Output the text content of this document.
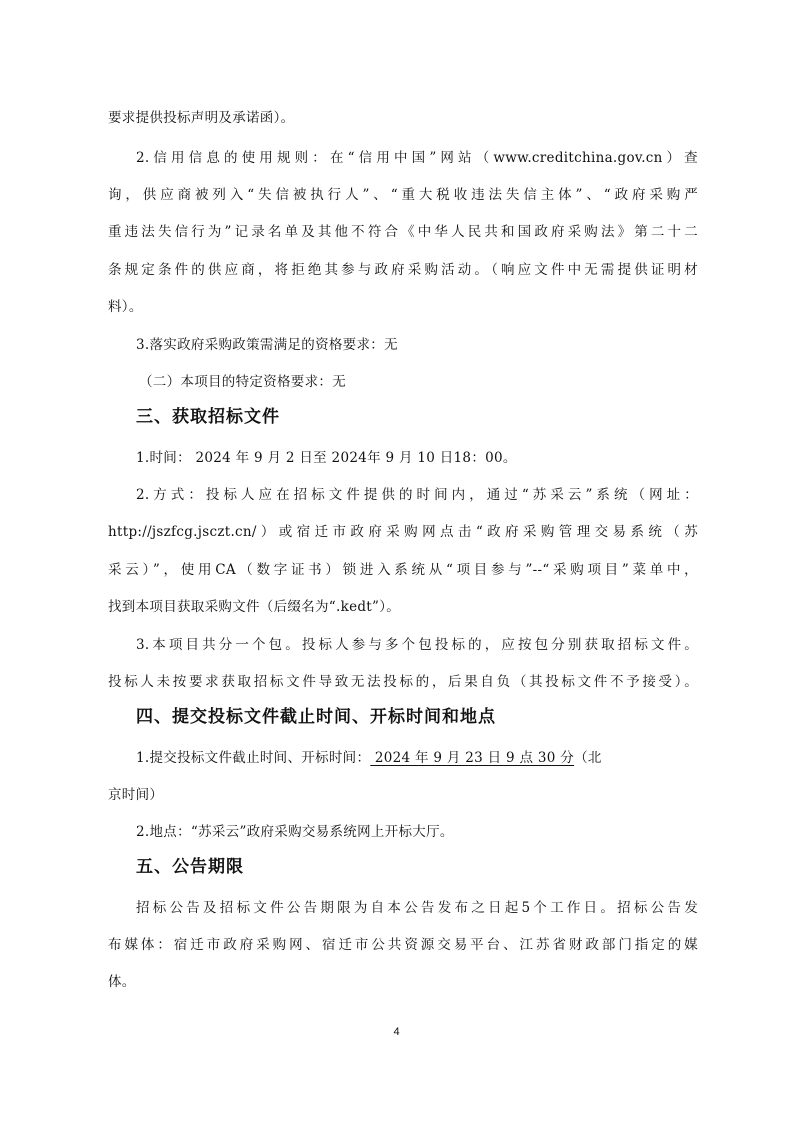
要求提供投标声明及承诺函）。
2.信用信息的使用规则：在“信用中国”网站（www.creditchina.gov.cn）查
询，供应商被列入“失信被执行人”、“重大税收违法失信主体”、“政府采购严
重违法失信行为”记录名单及其他不符合《中华人民共和国政府采购法》第二十二
条规定条件的供应商，将拒绝其参与政府采购活动。（响应文件中无需提供证明材
料）。
3.落实政府采购政策需满足的资格要求：无
（二）本项目的特定资格要求：无
三、获取招标文件
1.时间： 2024 年 9 月 2 日至 2024年 9 月 10 日18：00。
2.方式：投标人应在招标文件提供的时间内，通过“苏采云”系统（网址：
http://jszfcg.jsczt.cn/）或宿迁市政府采购网点击“政府采购管理交易系统（苏
采云）”，使用CA（数字证书）锁进入系统从“项目参与”--“采购项目”菜单中，
找到本项目获取采购文件（后缀名为“.kedt”）。
3.本项目共分一个包。投标人参与多个包投标的，应按包分别获取招标文件。
投标人未按要求获取招标文件导致无法投标的，后果自负（其投标文件不予接受）。
四、提交投标文件截止时间、开标时间和地点
1.提交投标文件截止时间、开标时间： 2024 年 9 月 23 日 9 点 30 分（北
京时间）
2.地点：“苏采云”政府采购交易系统网上开标大厅。
五、公告期限
招标公告及招标文件公告期限为自本公告发布之日起5个工作日。招标公告发
布媒体：宿迁市政府采购网、宿迁市公共资源交易平台、江苏省财政部门指定的媒
体。
4
